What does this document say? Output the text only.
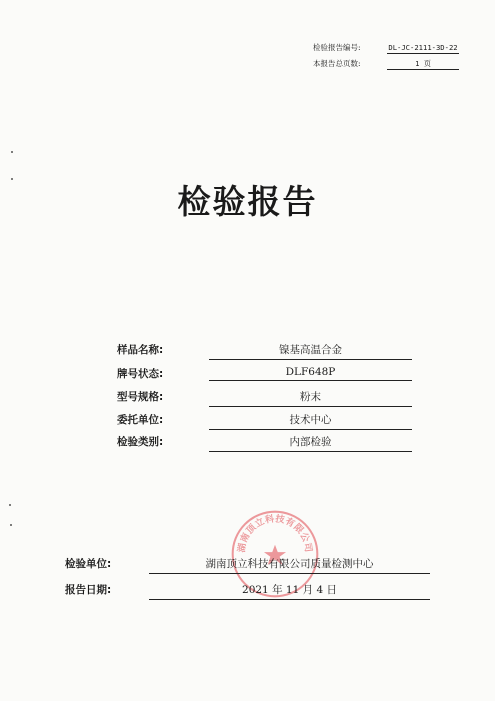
检验报告编号:	DL-JC-2111-3D-22
本报告总页数:	1 页
检验报告
样品名称:	镍基高温合金
牌号状态:	DLF648P
型号规格:	粉末
委托单位:	技术中心
检验类别:	内部检验
湖南顶立科技有限公司
检验单位:	湖南顶立科技有限公司质量检测中心
报告日期:	2021 年 11 月 4 日
